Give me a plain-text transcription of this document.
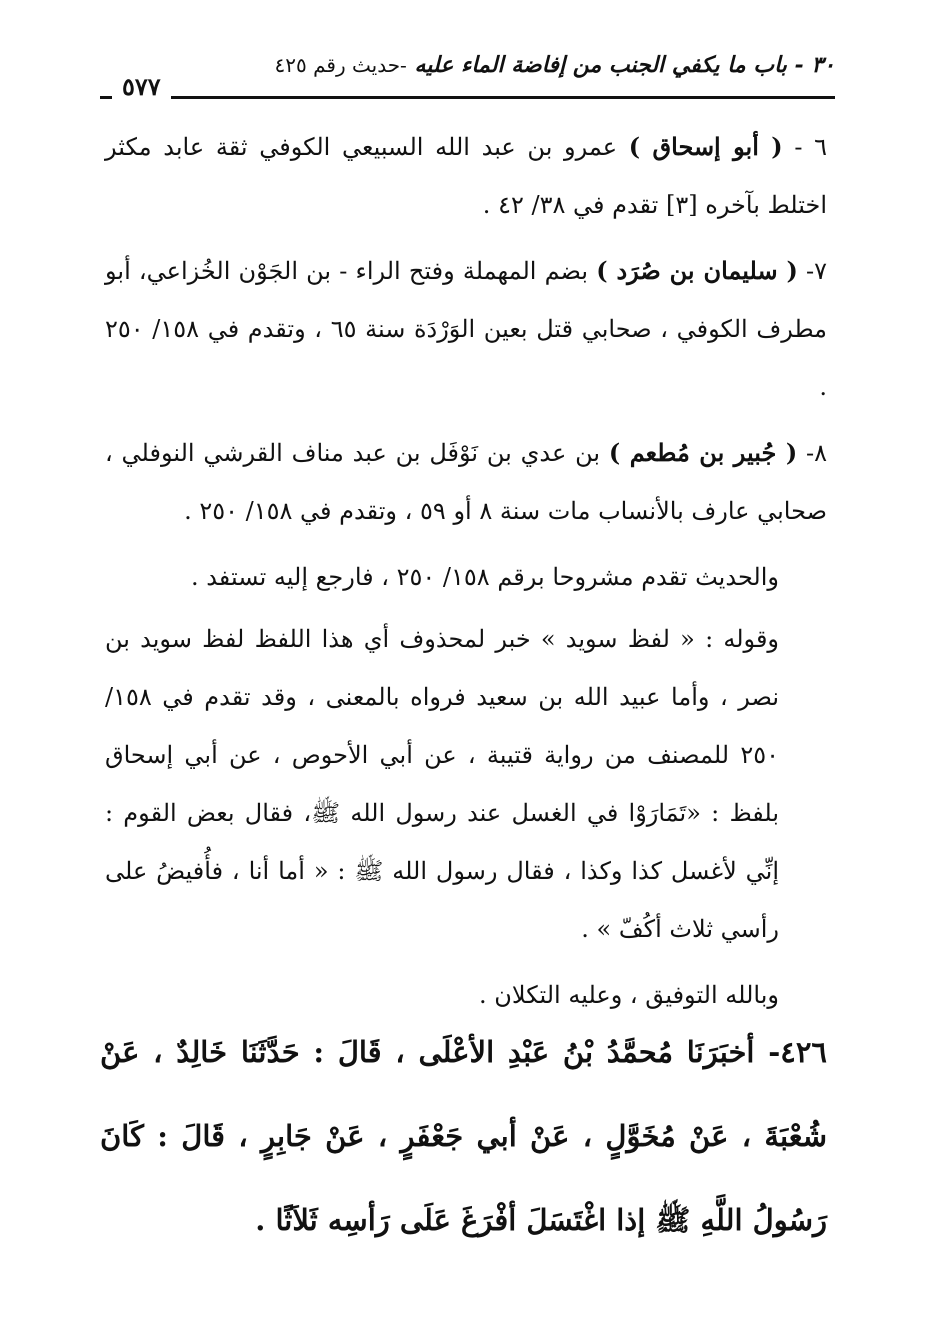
٣٠ - باب ما يكفي الجنب من إفاضة الماء عليه -حديث رقم ٤٢٥
٥٧٧

٦ - ( أبو إسحاق ) عمرو بن عبد الله السبيعي الكوفي ثقة عابد مكثر اختلط بآخره [٣] تقدم في ٣٨/ ٤٢ .

٧- ( سليمان بن صُرَد ) بضم المهملة وفتح الراء - بن الجَوْن الخُزاعي، أبو مطرف الكوفي ، صحابي قتل بعين الوَرْدَة سنة ٦٥ ، وتقدم في ١٥٨/ ٢٥٠ .

٨- ( جُبير بن مُطعم ) بن عدي بن نَوْفَل بن عبد مناف القرشي النوفلي ، صحابي عارف بالأنساب مات سنة ٨ أو ٥٩ ، وتقدم في ١٥٨/ ٢٥٠ .

والحديث تقدم مشروحا برقم ١٥٨/ ٢٥٠ ، فارجع إليه تستفد .

وقوله : « لفظ سويد » خبر لمحذوف أي هذا اللفظ لفظ سويد بن نصر ، وأما عبيد الله بن سعيد فرواه بالمعنى ، وقد تقدم في ١٥٨/ ٢٥٠ للمصنف من رواية قتيبة ، عن أبي الأحوص ، عن أبي إسحاق بلفظ : «تَمَارَوْا في الغسل عند رسول الله ﷺ، فقال بعض القوم : إنِّي لأغسل كذا وكذا ، فقال رسول الله ﷺ : « أما أنا ، فأُفيضُ على رأسي ثلاث أكُفّ » .

وبالله التوفيق ، وعليه التكلان .

٤٢٦- أخبَرَنَا مُحمَّدُ بْنُ عَبْدِ الأعْلَى ، قَالَ : حَدَّثَنَا خَالِدٌ ، عَنْ شُعْبَةَ ، عَنْ مُخَوَّلٍ ، عَنْ أبي جَعْفَرٍ ، عَنْ جَابِرٍ ، قَالَ : كَانَ رَسُولُ اللَّهِ ﷺ إذا اغْتَسَلَ أفْرَغَ عَلَى رَأسِه ثَلاَثًا .
